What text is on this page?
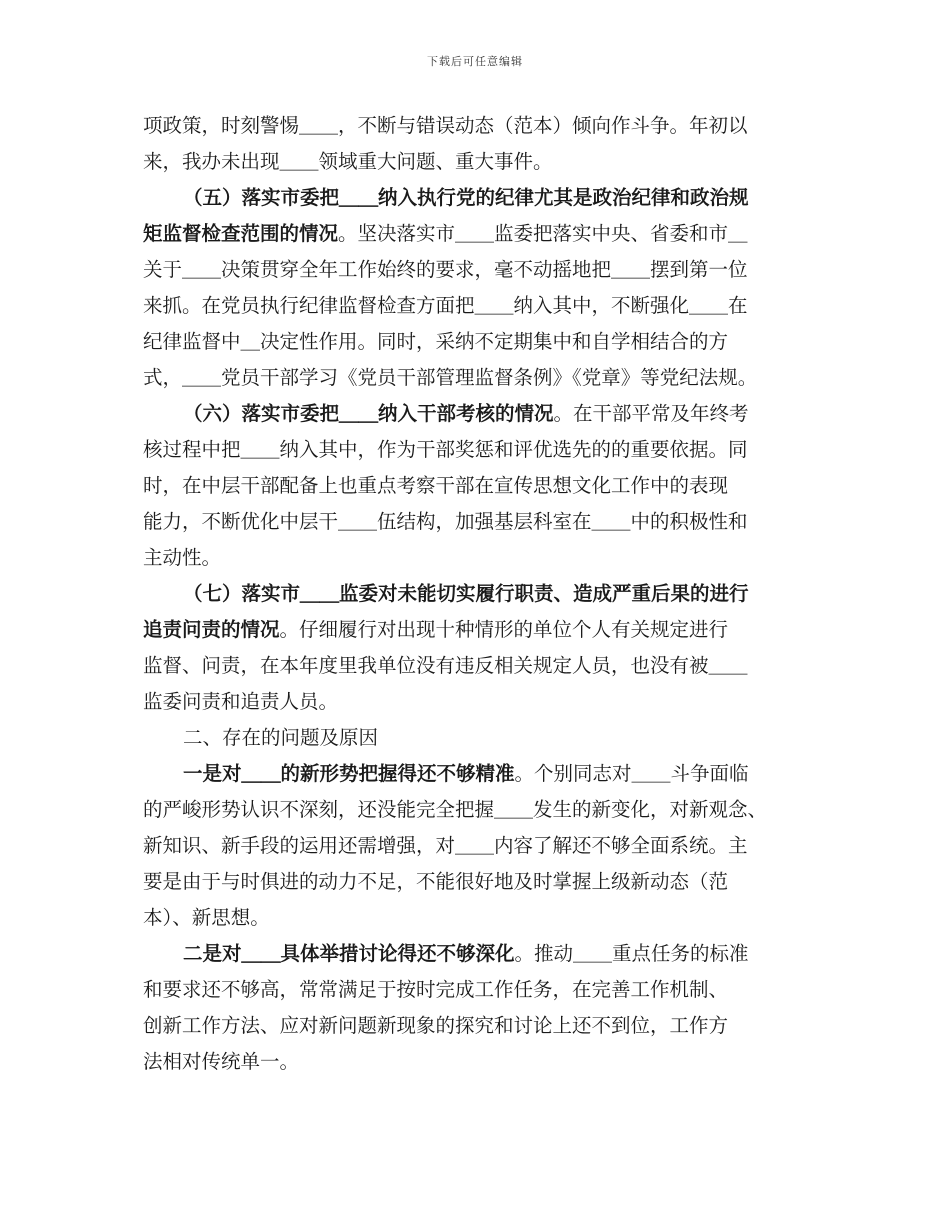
下载后可任意编辑
项政策，时刻警惕＿＿，不断与错误动态（范本）倾向作斗争。年初以
来，我办未出现＿＿领域重大问题、重大事件。
（五）落实市委把＿＿纳入执行党的纪律尤其是政治纪律和政治规
矩监督检查范围的情况。坚决落实市＿＿监委把落实中央、省委和市＿
关于＿＿决策贯穿全年工作始终的要求，毫不动摇地把＿＿摆到第一位
来抓。在党员执行纪律监督检查方面把＿＿纳入其中，不断强化＿＿在
纪律监督中＿决定性作用。同时，采纳不定期集中和自学相结合的方
式，＿＿党员干部学习《党员干部管理监督条例》《党章》等党纪法规。
（六）落实市委把＿＿纳入干部考核的情况。在干部平常及年终考
核过程中把＿＿纳入其中，作为干部奖惩和评优选先的的重要依据。同
时，在中层干部配备上也重点考察干部在宣传思想文化工作中的表现
能力，不断优化中层干＿＿伍结构，加强基层科室在＿＿中的积极性和
主动性。
（七）落实市＿＿监委对未能切实履行职责、造成严重后果的进行
追责问责的情况。仔细履行对出现十种情形的单位个人有关规定进行
监督、问责，在本年度里我单位没有违反相关规定人员，也没有被＿＿
监委问责和追责人员。
二、存在的问题及原因
一是对＿＿的新形势把握得还不够精准。个别同志对＿＿斗争面临
的严峻形势认识不深刻，还没能完全把握＿＿发生的新变化，对新观念、
新知识、新手段的运用还需增强，对＿＿内容了解还不够全面系统。主
要是由于与时俱进的动力不足，不能很好地及时掌握上级新动态（范
本）、新思想。
二是对＿＿具体举措讨论得还不够深化。推动＿＿重点任务的标准
和要求还不够高，常常满足于按时完成工作任务，在完善工作机制、
创新工作方法、应对新问题新现象的探究和讨论上还不到位，工作方
法相对传统单一。
